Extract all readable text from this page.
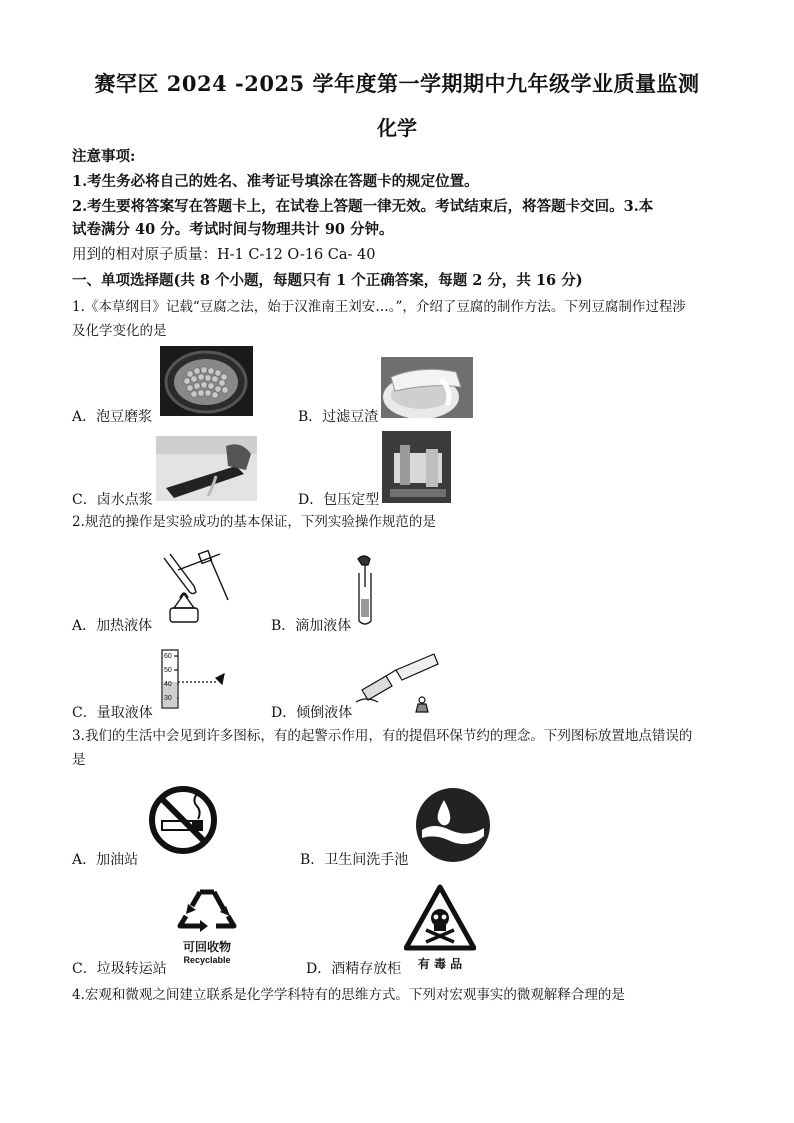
赛罕区 2024 -2025 学年度第一学期期中九年级学业质量监测
化学
注意事项:
1.考生务必将自己的姓名、准考证号填涂在答题卡的规定位置。
2.考生要将答案写在答题卡上，在试卷上答题一律无效。考试结束后，将答题卡交回。3.本
试卷满分 40 分。考试时间与物理共计 90 分钟。
用到的相对原子质量：H-1 C-12 O-16 Ca- 40
一、单项选择题(共 8 个小题，每题只有 1 个正确答案，每题 2 分，共 16 分)
1.《本草纲目》记载“豆腐之法，始于汉淮南王刘安…。”，介绍了豆腐的制作方法。下列豆腐制作过程涉
及化学变化的是
A．泡豆磨浆	B．过滤豆渣
C．卤水点浆	D．包压定型
2.规范的操作是实验成功的基本保证，下列实验操作规范的是
A．加热液体	B．滴加液体
60
50
40
30
C．量取液体	D．倾倒液体
3.我们的生活中会见到许多图标，有的起警示作用，有的提倡环保节约的理念。下列图标放置地点错误的
是
A．加油站	B．卫生间洗手池
可回收物
Recyclable
C．垃圾转运站	有 毒 品
D．酒精存放柜
4.宏观和微观之间建立联系是化学学科特有的思维方式。下列对宏观事实的微观解释合理的是
